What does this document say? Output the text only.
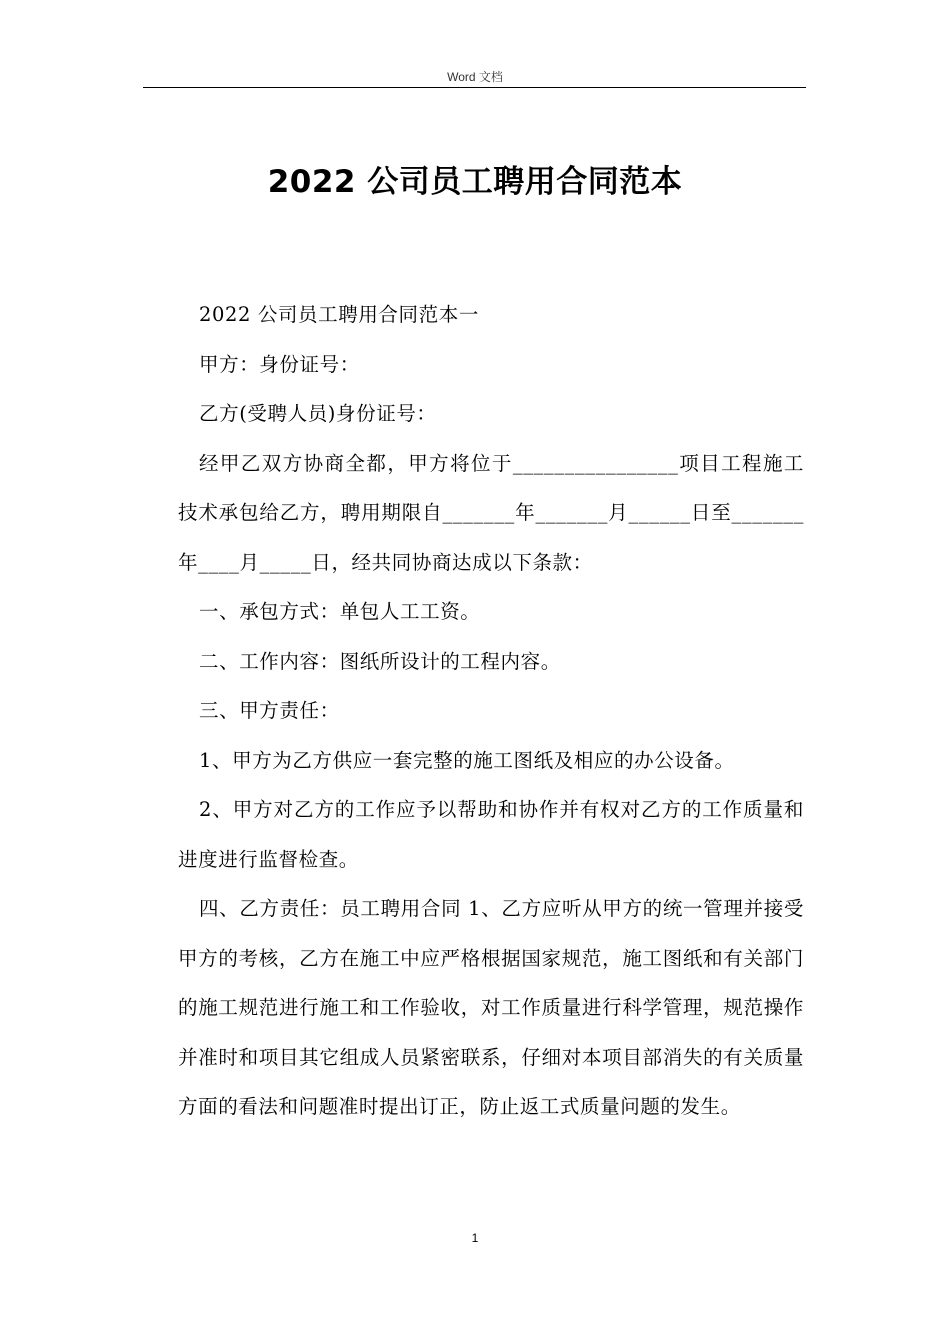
Word 文档
2022 公司员工聘用合同范本

2022 公司员工聘用合同范本一

甲方：身份证号：

乙方(受聘人员)身份证号：

经甲乙双方协商全都，甲方将位于________________项目工程施工技术承包给乙方，聘用期限自_______年_______月______日至_______年____月_____日，经共同协商达成以下条款：

一、承包方式：单包人工工资。

二、工作内容：图纸所设计的工程内容。

三、甲方责任：

1、甲方为乙方供应一套完整的施工图纸及相应的办公设备。

2、甲方对乙方的工作应予以帮助和协作并有权对乙方的工作质量和进度进行监督检查。

四、乙方责任：员工聘用合同 1、乙方应听从甲方的统一管理并接受甲方的考核，乙方在施工中应严格根据国家规范，施工图纸和有关部门的施工规范进行施工和工作验收，对工作质量进行科学管理，规范操作并准时和项目其它组成人员紧密联系，仔细对本项目部消失的有关质量方面的看法和问题准时提出订正，防止返工式质量问题的发生。

1
